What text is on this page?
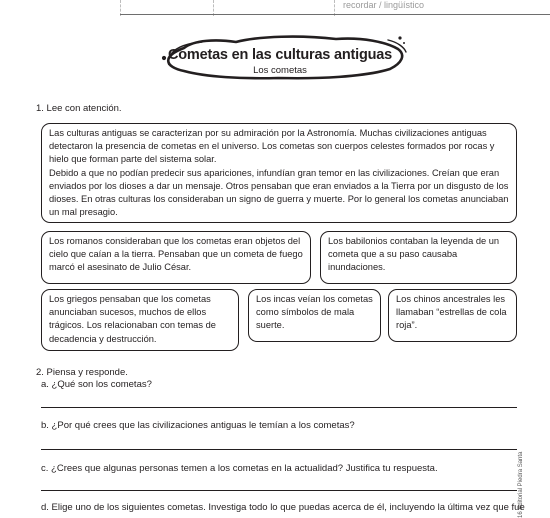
recordar / lingüístico
Cometas en las culturas antiguas
Los cometas
1. Lee con atención.

Las culturas antiguas se caracterizan por su admiración por la Astronomía. Muchas civilizaciones antiguas detectaron la presencia de cometas en el universo. Los cometas son cuerpos celestes formados por rocas y hielo que forman parte del sistema solar.

Debido a que no podían predecir sus apariciones, infundían gran temor en las civilizaciones. Creían que eran enviados por los dioses a dar un mensaje. Otros pensaban que eran enviados a la Tierra por un disgusto de los dioses. En otras culturas los consideraban un signo de guerra y muerte. Por lo general los cometas anunciaban un mal presagio.

Los romanos consideraban que los cometas eran objetos del cielo que caían a la tierra. Pensaban que un cometa de fuego marcó el asesinato de Julio César.

Los babilonios contaban la leyenda de un cometa que a su paso causaba inundaciones.

Los griegos pensaban que los cometas anunciaban sucesos, muchos de ellos trágicos. Los relacionaban con temas de decadencia y destrucción.

Los incas veían los cometas como símbolos de mala suerte.

Los chinos ancestrales les llamaban “estrellas de cola roja”.

2. Piensa y responde.
a. ¿Qué son los cometas?
b. ¿Por qué crees que las civilizaciones antiguas le temían a los cometas?
c. ¿Crees que algunas personas temen a los cometas en la actualidad? Justifica tu respuesta.
d. Elige uno de los siguientes cometas. Investiga todo lo que puedas acerca de él, incluyendo la última vez que fue
16 Editorial Piedra Santa
